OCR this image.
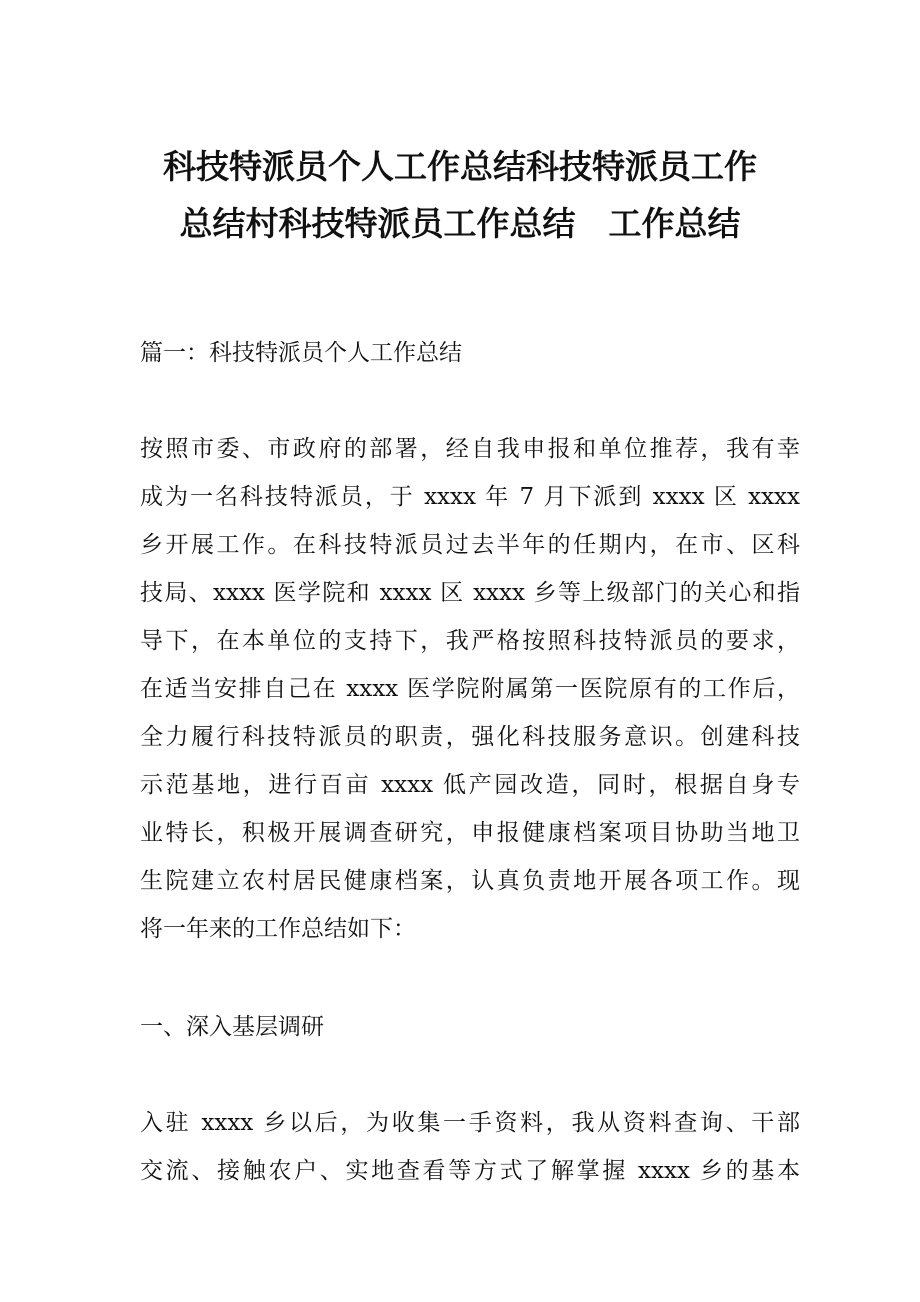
科技特派员个人工作总结科技特派员工作
总结村科技特派员工作总结　工作总结

篇一：科技特派员个人工作总结

按照市委、市政府的部署，经自我申报和单位推荐，我有幸

成为一名科技特派员，于 xxxx 年 7 月下派到 xxxx 区 xxxx

乡开展工作。在科技特派员过去半年的任期内，在市、区科

技局、xxxx 医学院和 xxxx 区 xxxx 乡等上级部门的关心和指

导下，在本单位的支持下，我严格按照科技特派员的要求，

在适当安排自己在 xxxx 医学院附属第一医院原有的工作后，

全力履行科技特派员的职责，强化科技服务意识。创建科技

示范基地，进行百亩 xxxx 低产园改造，同时，根据自身专

业特长，积极开展调查研究，申报健康档案项目协助当地卫

生院建立农村居民健康档案，认真负责地开展各项工作。现

将一年来的工作总结如下：

一、深入基层调研

入驻 xxxx 乡以后，为收集一手资料，我从资料查询、干部

交流、接触农户、实地查看等方式了解掌握 xxxx 乡的基本
